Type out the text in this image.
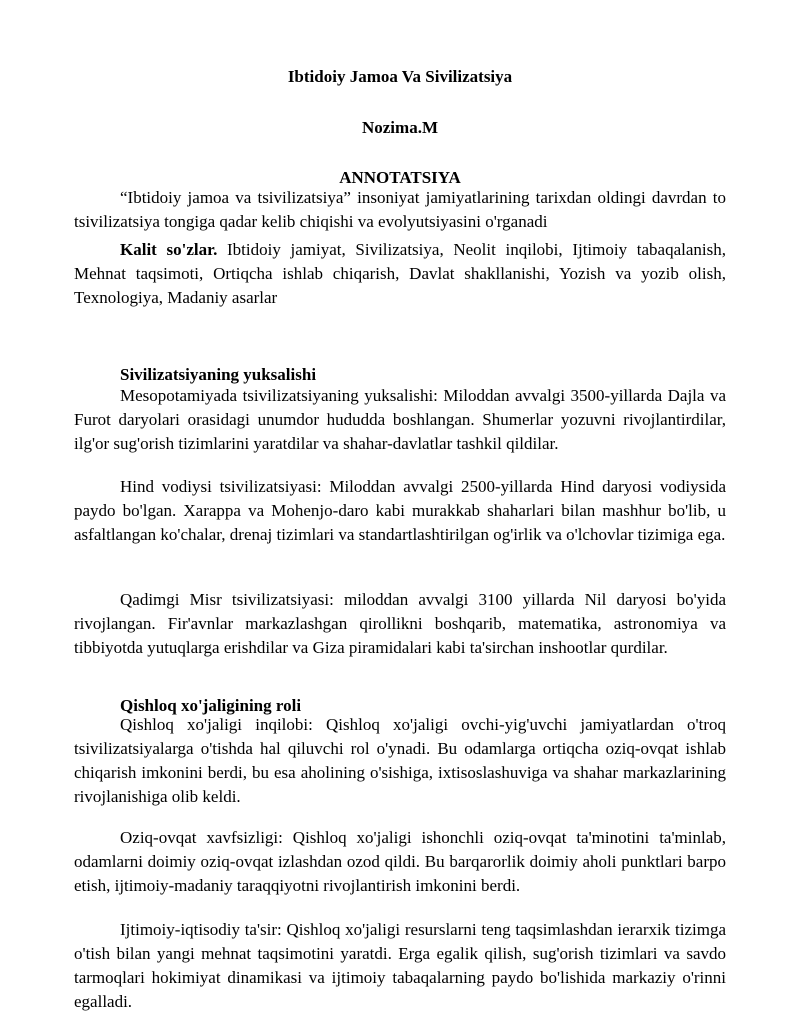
Ibtidoiy Jamoa Va Sivilizatsiya
Nozima.M
ANNOTATSIYA
“Ibtidoiy jamoa va tsivilizatsiya” insoniyat jamiyatlarining tarixdan oldingi davrdan to tsivilizatsiya tongiga qadar kelib chiqishi va evolyutsiyasini o'rganadi
Kalit so'zlar. Ibtidoiy jamiyat, Sivilizatsiya, Neolit inqilobi, Ijtimoiy tabaqalanish, Mehnat taqsimoti, Ortiqcha ishlab chiqarish, Davlat shakllanishi, Yozish va yozib olish, Texnologiya, Madaniy asarlar
Sivilizatsiyaning yuksalishi
Mesopotamiyada tsivilizatsiyaning yuksalishi: Miloddan avvalgi 3500-yillarda Dajla va Furot daryolari orasidagi unumdor hududda boshlangan. Shumerlar yozuvni rivojlantirdilar, ilg'or sug'orish tizimlarini yaratdilar va shahar-davlatlar tashkil qildilar.
Hind vodiysi tsivilizatsiyasi: Miloddan avvalgi 2500-yillarda Hind daryosi vodiysida paydo bo'lgan. Xarappa va Mohenjo-daro kabi murakkab shaharlari bilan mashhur bo'lib, u asfaltlangan ko'chalar, drenaj tizimlari va standartlashtirilgan og'irlik va o'lchovlar tizimiga ega.
Qadimgi Misr tsivilizatsiyasi: miloddan avvalgi 3100 yillarda Nil daryosi bo'yida rivojlangan. Fir'avnlar markazlashgan qirollikni boshqarib, matematika, astronomiya va tibbiyotda yutuqlarga erishdilar va Giza piramidalari kabi ta'sirchan inshootlar qurdilar.
Qishloq xo'jaligining roli
Qishloq xo'jaligi inqilobi: Qishloq xo'jaligi ovchi-yig'uvchi jamiyatlardan o'troq tsivilizatsiyalarga o'tishda hal qiluvchi rol o'ynadi. Bu odamlarga ortiqcha oziq-ovqat ishlab chiqarish imkonini berdi, bu esa aholining o'sishiga, ixtisoslashuviga va shahar markazlarining rivojlanishiga olib keldi.
Oziq-ovqat xavfsizligi: Qishloq xo'jaligi ishonchli oziq-ovqat ta'minotini ta'minlab, odamlarni doimiy oziq-ovqat izlashdan ozod qildi. Bu barqarorlik doimiy aholi punktlari barpo etish, ijtimoiy-madaniy taraqqiyotni rivojlantirish imkonini berdi.
Ijtimoiy-iqtisodiy ta'sir: Qishloq xo'jaligi resurslarni teng taqsimlashdan ierarxik tizimga o'tish bilan yangi mehnat taqsimotini yaratdi. Erga egalik qilish, sug'orish tizimlari va savdo tarmoqlari hokimiyat dinamikasi va ijtimoiy tabaqalarning paydo bo'lishida markaziy o'rinni egalladi.
